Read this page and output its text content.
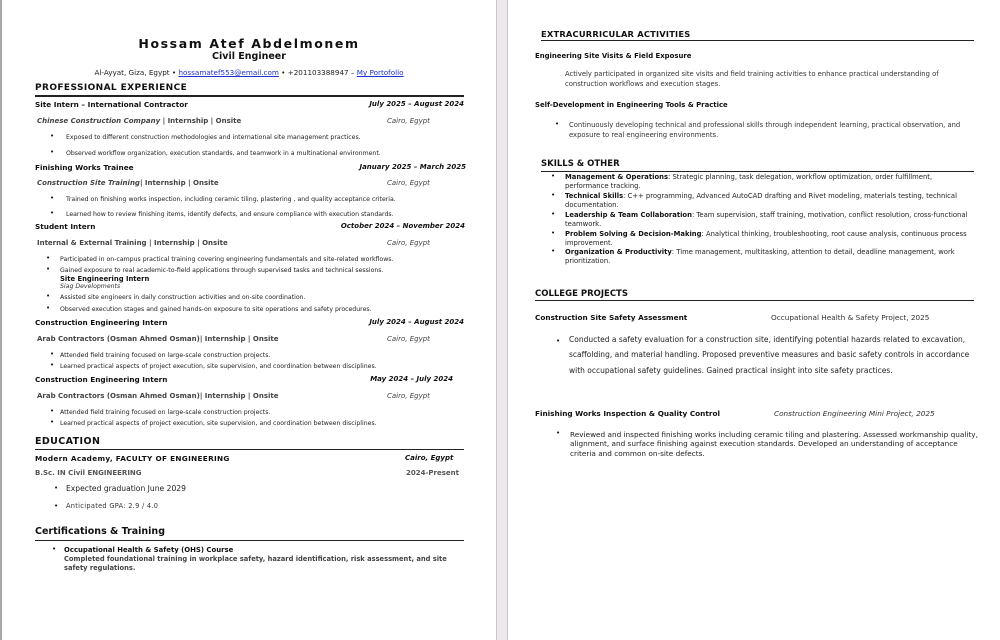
Hossam Atef Abdelmonem
Civil Engineer
Al-Ayyat, Giza, Egypt • hossamatef553@email.com • +201103388947 – My Portofolio
PROFESSIONAL EXPERIENCE
Site Intern – International Contractor	July 2025 – August 2024
Chinese Construction Company | Internship | Onsite	Cairo, Egypt
• Exposed to different construction methodologies and international site management practices.
• Observed workflow organization, execution standards, and teamwork in a multinational environment.
Finishing Works Trainee	January 2025 – March 2025
Construction Site Training| Internship | Onsite	Cairo, Egypt
• Trained on finishing works inspection, including ceramic tiling, plastering , and quality acceptance criteria.
• Learned how to review finishing items, identify defects, and ensure compliance with execution standards.
Student Intern	October 2024 – November 2024
Internal & External Training | Internship | Onsite	Cairo, Egypt
• Participated in on-campus practical training covering engineering fundamentals and site-related workflows.
• Gained exposure to real academic-to-field applications through supervised tasks and technical sessions.
Site Engineering Intern
Siag Developments
• Assisted site engineers in daily construction activities and on-site coordination.
• Observed execution stages and gained hands-on exposure to site operations and safety procedures.
Construction Engineering Intern	July 2024 – August 2024
Arab Contractors (Osman Ahmed Osman)| Internship | Onsite	Cairo, Egypt
• Attended field training focused on large-scale construction projects.
• Learned practical aspects of project execution, site supervision, and coordination between disciplines.
Construction Engineering Intern	May 2024 – July 2024
Arab Contractors (Osman Ahmed Osman)| Internship | Onsite	Cairo, Egypt
• Attended field training focused on large-scale construction projects.
• Learned practical aspects of project execution, site supervision, and coordination between disciplines.
EDUCATION
Modern Academy, FACULTY OF ENGINEERING	Cairo, Egypt
B.Sc. IN Civil ENGINEERING	2024-Present
• Expected graduation June 2029
• Anticipated GPA: 2.9 / 4.0
Certifications & Training
• Occupational Health & Safety (OHS) Course
Completed foundational training in workplace safety, hazard identification, risk assessment, and site safety regulations.
EXTRACURRICULAR ACTIVITIES
Engineering Site Visits & Field Exposure
Actively participated in organized site visits and field training activities to enhance practical understanding of construction workflows and execution stages.
Self-Development in Engineering Tools & Practice
• Continuously developing technical and professional skills through independent learning, practical observation, and exposure to real engineering environments.
SKILLS & OTHER
• Management & Operations: Strategic planning, task delegation, workflow optimization, order fulfillment, performance tracking.
• Technical Skills: C++ programming, Advanced AutoCAD drafting and Rivet modeling, materials testing, technical documentation.
• Leadership & Team Collaboration: Team supervision, staff training, motivation, conflict resolution, cross-functional teamwork.
• Problem Solving & Decision-Making: Analytical thinking, troubleshooting, root cause analysis, continuous process improvement.
• Organization & Productivity: Time management, multitasking, attention to detail, deadline management, work prioritization.
COLLEGE PROJECTS
Construction Site Safety Assessment	Occupational Health & Safety Project, 2025
• Conducted a safety evaluation for a construction site, identifying potential hazards related to excavation, scaffolding, and material handling. Proposed preventive measures and basic safety controls in accordance with occupational safety guidelines. Gained practical insight into site safety practices.
Finishing Works Inspection & Quality Control	Construction Engineering Mini Project, 2025
• Reviewed and inspected finishing works including ceramic tiling and plastering. Assessed workmanship quality, alignment, and surface finishing against execution standards. Developed an understanding of acceptance criteria and common on-site defects.
